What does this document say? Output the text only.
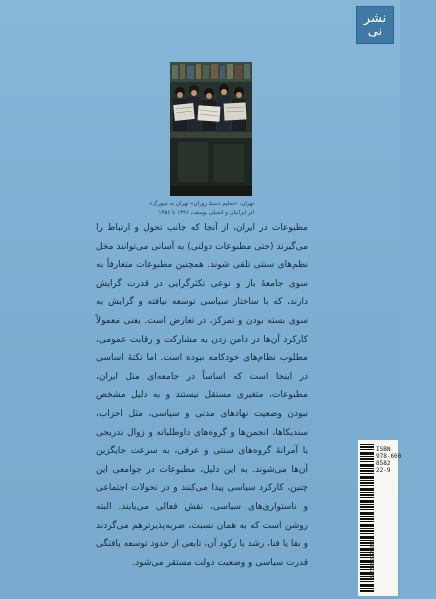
نشر نی
تهران، «تحلیم دستهٔ زوران» تهران به تیبورگ»
اثر ایرانیان و انجیلی یوسف، ۱۳۴۶ تا ۱۳۵۶

مطبوعات در ایران، از آنجا که جانب تحول و ارتباط را می‌گیرند (حتی مطبوعات دولتی) به آسانی می‌توانند مخل نظم‌های سنتی تلقی شوند. همچنین مطبوعات متعارفاً به سوی جامعهٔ باز و نوعی تکثرگرایی در قدرت گرایش دارند، که با ساختار سیاسی توسعه نیافته و گرایش به سوی بسته بودن و تمرکز، در تعارض است. یعنی معمولاً کارکرد آن‌ها در دامن زدن به مشارکت و رقابت عمومی، مطلوب نظام‌های خودکامه نبوده است. اما نکتهٔ اساسی در اینجا است که اساساً در جامعه‌ای مثل ایران، مطبوعات، متغیری مستقل نیستند و به دلیل مشخص نبودن وضعیت نهادهای مدنی و سیاسی، مثل احزاب، سندیکاها، انجمن‌ها و گروه‌های داوطلبانه و زوال تدریجی یا آمرانهٔ گروه‌های سنتی و عرفی، به سرعت جایگزین آن‌ها می‌شوند. به این دلیل، مطبوعات در جوامعی این چنین، کارکرد سیاسی پیدا می‌کنند و در تحولات اجتماعی و ناستواری‌های سیاسی، نقش فعالی می‌یابند. البته روشن است که به همان نسبت، ضربه‌پذیرترهم می‌گردند و بقا یا فنا، رشد یا رکود آن، تابعی از حدود توسعه یافتگی قدرت سیاسی و وضعیت دولت مستقر می‌شود.

ISBN
978-600
8582
22-9
9786008582229
